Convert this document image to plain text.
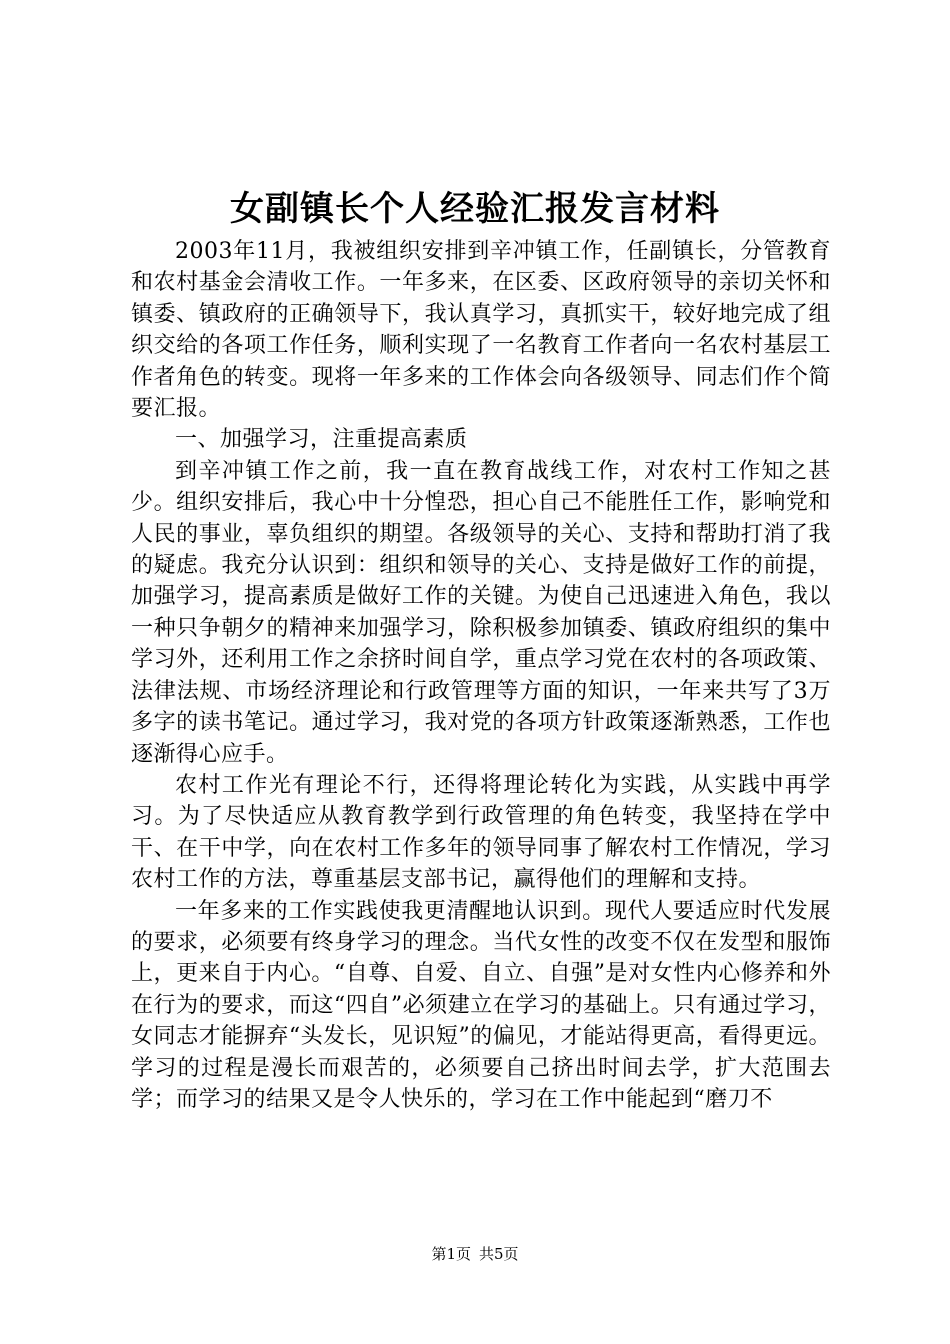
女副镇长个人经验汇报发言材料

2003年11月，我被组织安排到辛冲镇工作，任副镇长，分管教育和农村基金会清收工作。一年多来，在区委、区政府领导的亲切关怀和镇委、镇政府的正确领导下，我认真学习，真抓实干，较好地完成了组织交给的各项工作任务，顺利实现了一名教育工作者向一名农村基层工作者角色的转变。现将一年多来的工作体会向各级领导、同志们作个简要汇报。

一、加强学习，注重提高素质

到辛冲镇工作之前，我一直在教育战线工作，对农村工作知之甚少。组织安排后，我心中十分惶恐，担心自己不能胜任工作，影响党和人民的事业，辜负组织的期望。各级领导的关心、支持和帮助打消了我的疑虑。我充分认识到：组织和领导的关心、支持是做好工作的前提，加强学习，提高素质是做好工作的关键。为使自己迅速进入角色，我以一种只争朝夕的精神来加强学习，除积极参加镇委、镇政府组织的集中学习外，还利用工作之余挤时间自学，重点学习党在农村的各项政策、法律法规、市场经济理论和行政管理等方面的知识，一年来共写了3万多字的读书笔记。通过学习，我对党的各项方针政策逐渐熟悉，工作也逐渐得心应手。

农村工作光有理论不行，还得将理论转化为实践，从实践中再学习。为了尽快适应从教育教学到行政管理的角色转变，我坚持在学中干、在干中学，向在农村工作多年的领导同事了解农村工作情况，学习农村工作的方法，尊重基层支部书记，赢得他们的理解和支持。

一年多来的工作实践使我更清醒地认识到。现代人要适应时代发展的要求，必须要有终身学习的理念。当代女性的改变不仅在发型和服饰上，更来自于内心。“自尊、自爱、自立、自强”是对女性内心修养和外在行为的要求，而这“四自”必须建立在学习的基础上。只有通过学习，女同志才能摒弃“头发长，见识短”的偏见，才能站得更高，看得更远。学习的过程是漫长而艰苦的，必须要自己挤出时间去学，扩大范围去学；而学习的结果又是令人快乐的，学习在工作中能起到“磨刀不

第1页 共5页
